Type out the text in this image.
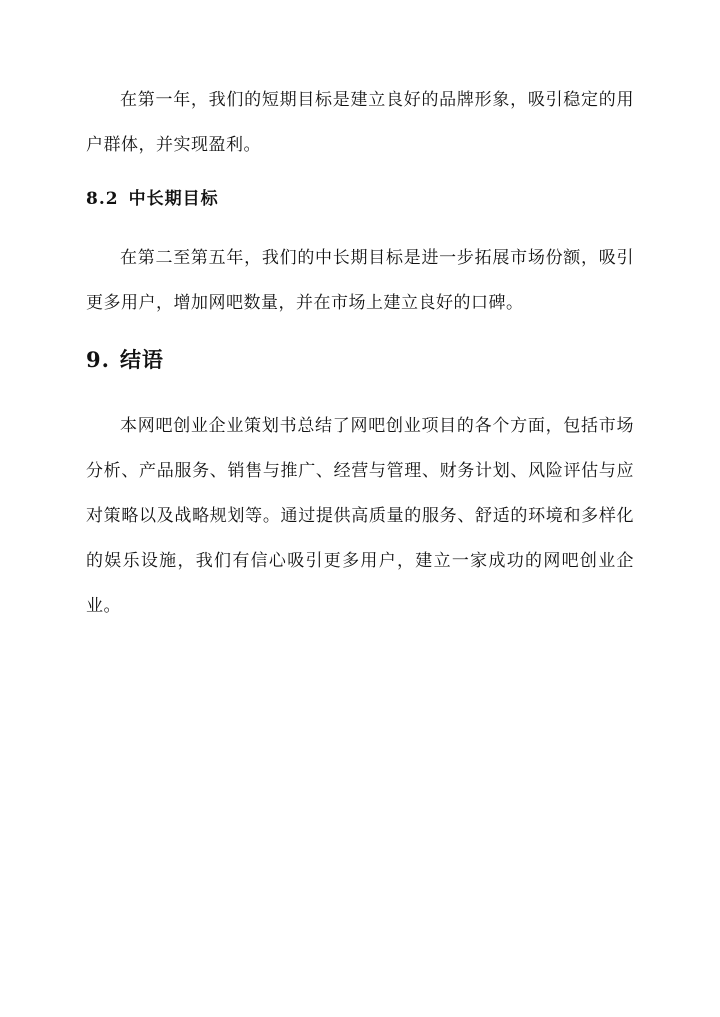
在第一年，我们的短期目标是建立良好的品牌形象，吸引稳定的用户群体，并实现盈利。

8.2 中长期目标

在第二至第五年，我们的中长期目标是进一步拓展市场份额，吸引更多用户，增加网吧数量，并在市场上建立良好的口碑。

9. 结语

本网吧创业企业策划书总结了网吧创业项目的各个方面，包括市场分析、产品服务、销售与推广、经营与管理、财务计划、风险评估与应对策略以及战略规划等。通过提供高质量的服务、舒适的环境和多样化的娱乐设施，我们有信心吸引更多用户，建立一家成功的网吧创业企业。
